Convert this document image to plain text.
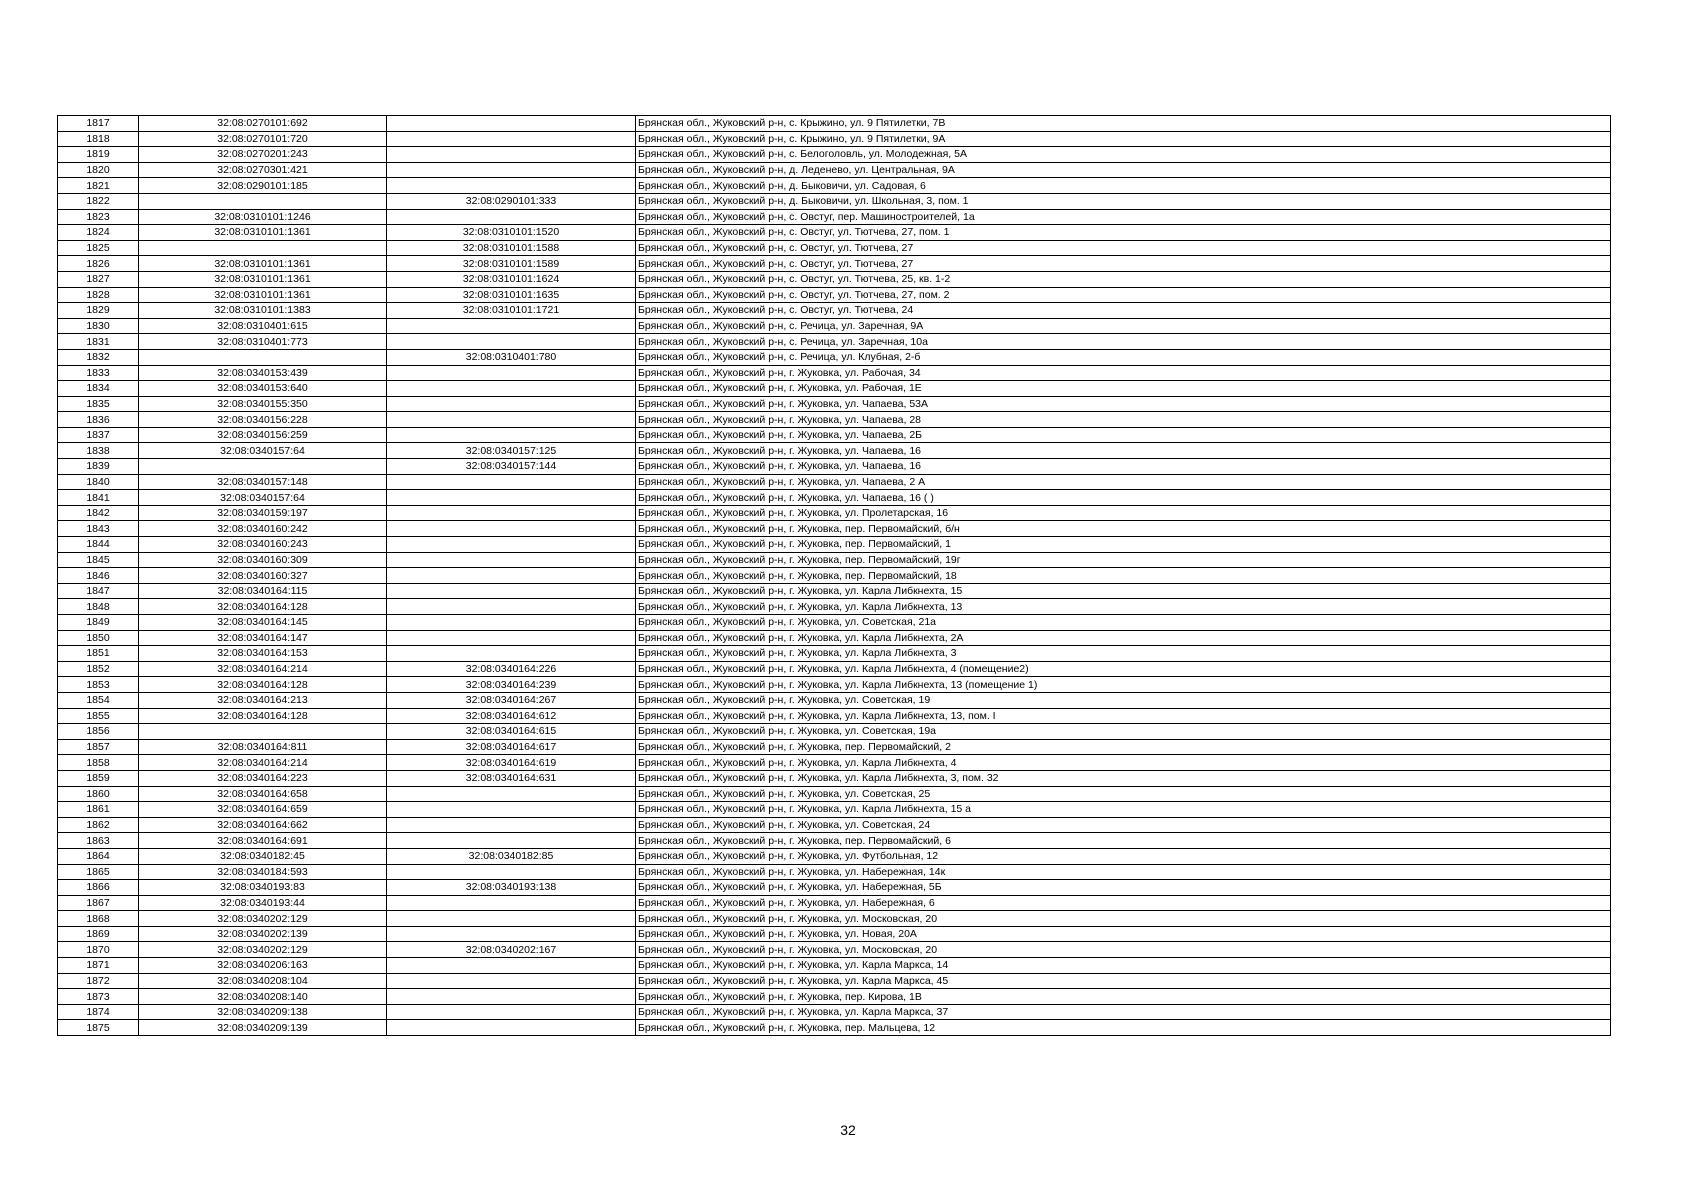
1817	32:08:0270101:692		Брянская обл., Жуковский р-н, с. Крыжино, ул. 9 Пятилетки, 7В
1818	32:08:0270101:720		Брянская обл., Жуковский р-н, с. Крыжино, ул. 9 Пятилетки, 9А
1819	32:08:0270201:243		Брянская обл., Жуковский р-н, с. Белоголовль, ул. Молодежная, 5А
1820	32:08:0270301:421		Брянская обл., Жуковский р-н, д. Леденево, ул. Центральная, 9А
1821	32:08:0290101:185		Брянская обл., Жуковский р-н, д. Быковичи, ул. Садовая, 6
1822		32:08:0290101:333	Брянская обл., Жуковский р-н, д. Быковичи, ул. Школьная, 3, пом. 1
1823	32:08:0310101:1246		Брянская обл., Жуковский р-н, с. Овстуг, пер. Машиностроителей, 1а
1824	32:08:0310101:1361	32:08:0310101:1520	Брянская обл., Жуковский р-н, с. Овстуг, ул. Тютчева, 27, пом. 1
1825		32:08:0310101:1588	Брянская обл., Жуковский р-н, с. Овстуг, ул. Тютчева, 27
1826	32:08:0310101:1361	32:08:0310101:1589	Брянская обл., Жуковский р-н, с. Овстуг, ул. Тютчева, 27
1827	32:08:0310101:1361	32:08:0310101:1624	Брянская обл., Жуковский р-н, с. Овстуг, ул. Тютчева, 25, кв. 1-2
1828	32:08:0310101:1361	32:08:0310101:1635	Брянская обл., Жуковский р-н, с. Овстуг, ул. Тютчева, 27, пом. 2
1829	32:08:0310101:1383	32:08:0310101:1721	Брянская обл., Жуковский р-н, с. Овстуг, ул. Тютчева, 24
1830	32:08:0310401:615		Брянская обл., Жуковский р-н, с. Речица, ул. Заречная, 9А
1831	32:08:0310401:773		Брянская обл., Жуковский р-н, с. Речица, ул. Заречная, 10а
1832		32:08:0310401:780	Брянская обл., Жуковский р-н, с. Речица, ул. Клубная, 2-б
1833	32:08:0340153:439		Брянская обл., Жуковский р-н, г. Жуковка, ул. Рабочая, 34
1834	32:08:0340153:640		Брянская обл., Жуковский р-н, г. Жуковка, ул. Рабочая, 1Е
1835	32:08:0340155:350		Брянская обл., Жуковский р-н, г. Жуковка, ул. Чапаева, 53А
1836	32:08:0340156:228		Брянская обл., Жуковский р-н, г. Жуковка, ул. Чапаева, 28
1837	32:08:0340156:259		Брянская обл., Жуковский р-н, г. Жуковка, ул. Чапаева, 2Б
1838	32:08:0340157:64	32:08:0340157:125	Брянская обл., Жуковский р-н, г. Жуковка, ул. Чапаева, 16
1839		32:08:0340157:144	Брянская обл., Жуковский р-н, г. Жуковка, ул. Чапаева, 16
1840	32:08:0340157:148		Брянская обл., Жуковский р-н, г. Жуковка, ул. Чапаева, 2 А
1841	32:08:0340157:64		Брянская обл., Жуковский р-н, г. Жуковка, ул. Чапаева, 16 ( )
1842	32:08:0340159:197		Брянская обл., Жуковский р-н, г. Жуковка, ул. Пролетарская, 16
1843	32:08:0340160:242		Брянская обл., Жуковский р-н, г. Жуковка, пер. Первомайский, б/н
1844	32:08:0340160:243		Брянская обл., Жуковский р-н, г. Жуковка, пер. Первомайский, 1
1845	32:08:0340160:309		Брянская обл., Жуковский р-н, г. Жуковка, пер. Первомайский, 19г
1846	32:08:0340160:327		Брянская обл., Жуковский р-н, г. Жуковка, пер. Первомайский, 18
1847	32:08:0340164:115		Брянская обл., Жуковский р-н, г. Жуковка, ул. Карла Либкнехта, 15
1848	32:08:0340164:128		Брянская обл., Жуковский р-н, г. Жуковка, ул. Карла Либкнехта, 13
1849	32:08:0340164:145		Брянская обл., Жуковский р-н, г. Жуковка, ул. Советская, 21а
1850	32:08:0340164:147		Брянская обл., Жуковский р-н, г. Жуковка, ул. Карла Либкнехта, 2А
1851	32:08:0340164:153		Брянская обл., Жуковский р-н, г. Жуковка, ул. Карла Либкнехта, 3
1852	32:08:0340164:214	32:08:0340164:226	Брянская обл., Жуковский р-н, г. Жуковка, ул. Карла Либкнехта, 4 (помещение2)
1853	32:08:0340164:128	32:08:0340164:239	Брянская обл., Жуковский р-н, г. Жуковка, ул. Карла Либкнехта, 13 (помещение 1)
1854	32:08:0340164:213	32:08:0340164:267	Брянская обл., Жуковский р-н, г. Жуковка, ул. Советская, 19
1855	32:08:0340164:128	32:08:0340164:612	Брянская обл., Жуковский р-н, г. Жуковка, ул. Карла Либкнехта, 13, пом. I
1856		32:08:0340164:615	Брянская обл., Жуковский р-н, г. Жуковка, ул. Советская, 19а
1857	32:08:0340164:811	32:08:0340164:617	Брянская обл., Жуковский р-н, г. Жуковка, пер. Первомайский, 2
1858	32:08:0340164:214	32:08:0340164:619	Брянская обл., Жуковский р-н, г. Жуковка, ул. Карла Либкнехта, 4
1859	32:08:0340164:223	32:08:0340164:631	Брянская обл., Жуковский р-н, г. Жуковка, ул. Карла Либкнехта, 3, пом. 32
1860	32:08:0340164:658		Брянская обл., Жуковский р-н, г. Жуковка, ул. Советская, 25
1861	32:08:0340164:659		Брянская обл., Жуковский р-н, г. Жуковка, ул. Карла Либкнехта, 15 а
1862	32:08:0340164:662		Брянская обл., Жуковский р-н, г. Жуковка, ул. Советская, 24
1863	32:08:0340164:691		Брянская обл., Жуковский р-н, г. Жуковка, пер. Первомайский, 6
1864	32:08:0340182:45	32:08:0340182:85	Брянская обл., Жуковский р-н, г. Жуковка, ул. Футбольная, 12
1865	32:08:0340184:593		Брянская обл., Жуковский р-н, г. Жуковка, ул. Набережная, 14к
1866	32:08:0340193:83	32:08:0340193:138	Брянская обл., Жуковский р-н, г. Жуковка, ул. Набережная, 5Б
1867	32:08:0340193:44		Брянская обл., Жуковский р-н, г. Жуковка, ул. Набережная, 6
1868	32:08:0340202:129		Брянская обл., Жуковский р-н, г. Жуковка, ул. Московская, 20
1869	32:08:0340202:139		Брянская обл., Жуковский р-н, г. Жуковка, ул. Новая, 20А
1870	32:08:0340202:129	32:08:0340202:167	Брянская обл., Жуковский р-н, г. Жуковка, ул. Московская, 20
1871	32:08:0340206:163		Брянская обл., Жуковский р-н, г. Жуковка, ул. Карла Маркса, 14
1872	32:08:0340208:104		Брянская обл., Жуковский р-н, г. Жуковка, ул. Карла Маркса, 45
1873	32:08:0340208:140		Брянская обл., Жуковский р-н, г. Жуковка, пер. Кирова, 1В
1874	32:08:0340209:138		Брянская обл., Жуковский р-н, г. Жуковка, ул. Карла Маркса, 37
1875	32:08:0340209:139		Брянская обл., Жуковский р-н, г. Жуковка, пер. Мальцева, 12
32
